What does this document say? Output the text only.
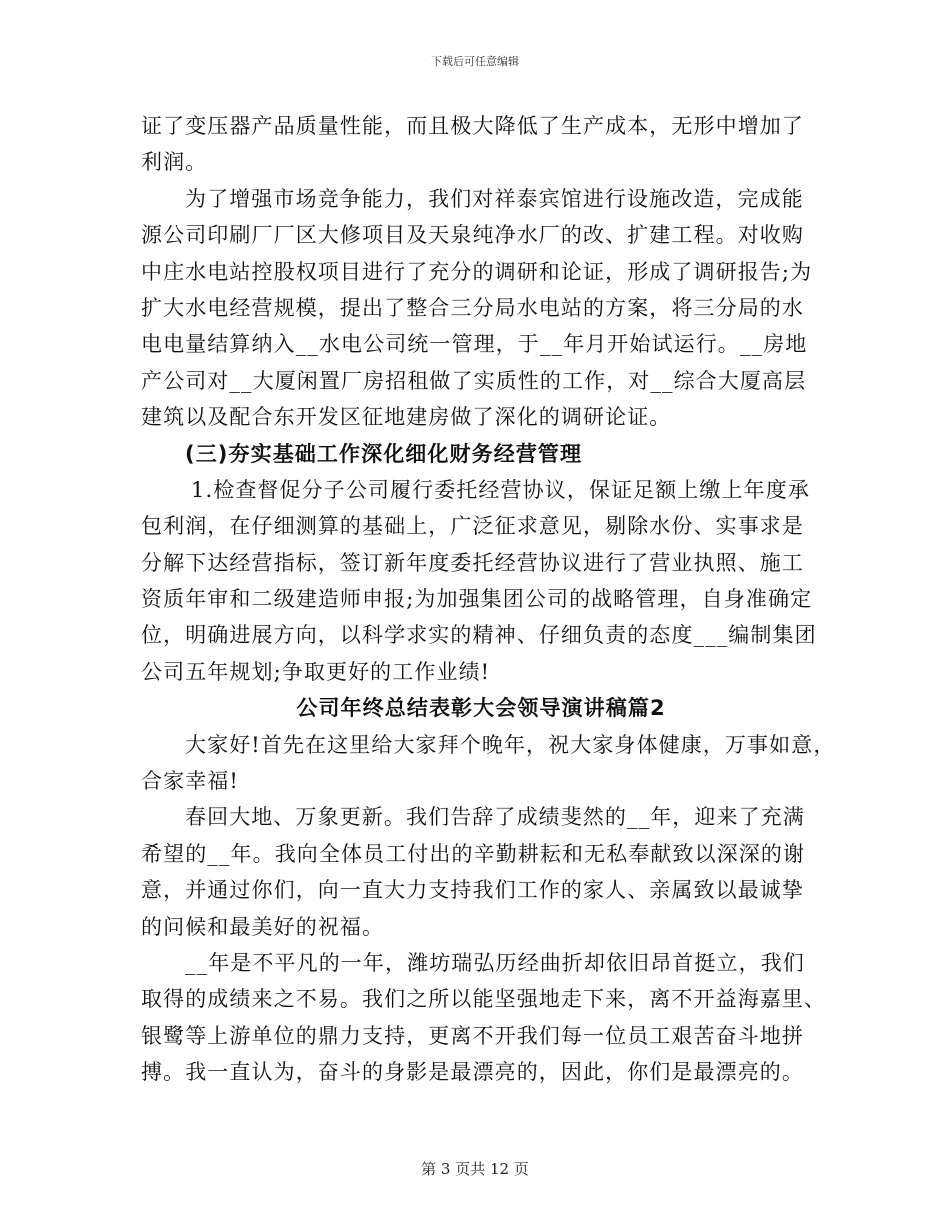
下载后可任意编辑
证了变压器产品质量性能，而且极大降低了生产成本，无形中增加了
利润。
为了增强市场竞争能力，我们对祥泰宾馆进行设施改造，完成能
源公司印刷厂厂区大修项目及天泉纯净水厂的改、扩建工程。对收购
中庄水电站控股权项目进行了充分的调研和论证，形成了调研报告;为
扩大水电经营规模，提出了整合三分局水电站的方案，将三分局的水
电电量结算纳入__水电公司统一管理，于__年月开始试运行。__房地
产公司对__大厦闲置厂房招租做了实质性的工作，对__综合大厦高层
建筑以及配合东开发区征地建房做了深化的调研论证。
(三)夯实基础工作深化细化财务经营管理
1.检查督促分子公司履行委托经营协议，保证足额上缴上年度承
包利润，在仔细测算的基础上，广泛征求意见，剔除水份、实事求是
分解下达经营指标，签订新年度委托经营协议进行了营业执照、施工
资质年审和二级建造师申报;为加强集团公司的战略管理，自身准确定
位，明确进展方向，以科学求实的精神、仔细负责的态度___编制集团
公司五年规划;争取更好的工作业绩!
公司年终总结表彰大会领导演讲稿篇2
大家好!首先在这里给大家拜个晚年，祝大家身体健康，万事如意，
合家幸福!
春回大地、万象更新。我们告辞了成绩斐然的__年，迎来了充满
希望的__年。我向全体员工付出的辛勤耕耘和无私奉献致以深深的谢
意，并通过你们，向一直大力支持我们工作的家人、亲属致以最诚挚
的问候和最美好的祝福。
__年是不平凡的一年，潍坊瑞弘历经曲折却依旧昂首挺立，我们
取得的成绩来之不易。我们之所以能坚强地走下来，离不开益海嘉里、
银鹭等上游单位的鼎力支持，更离不开我们每一位员工艰苦奋斗地拼
搏。我一直认为，奋斗的身影是最漂亮的，因此，你们是最漂亮的。
第 3 页共 12 页
